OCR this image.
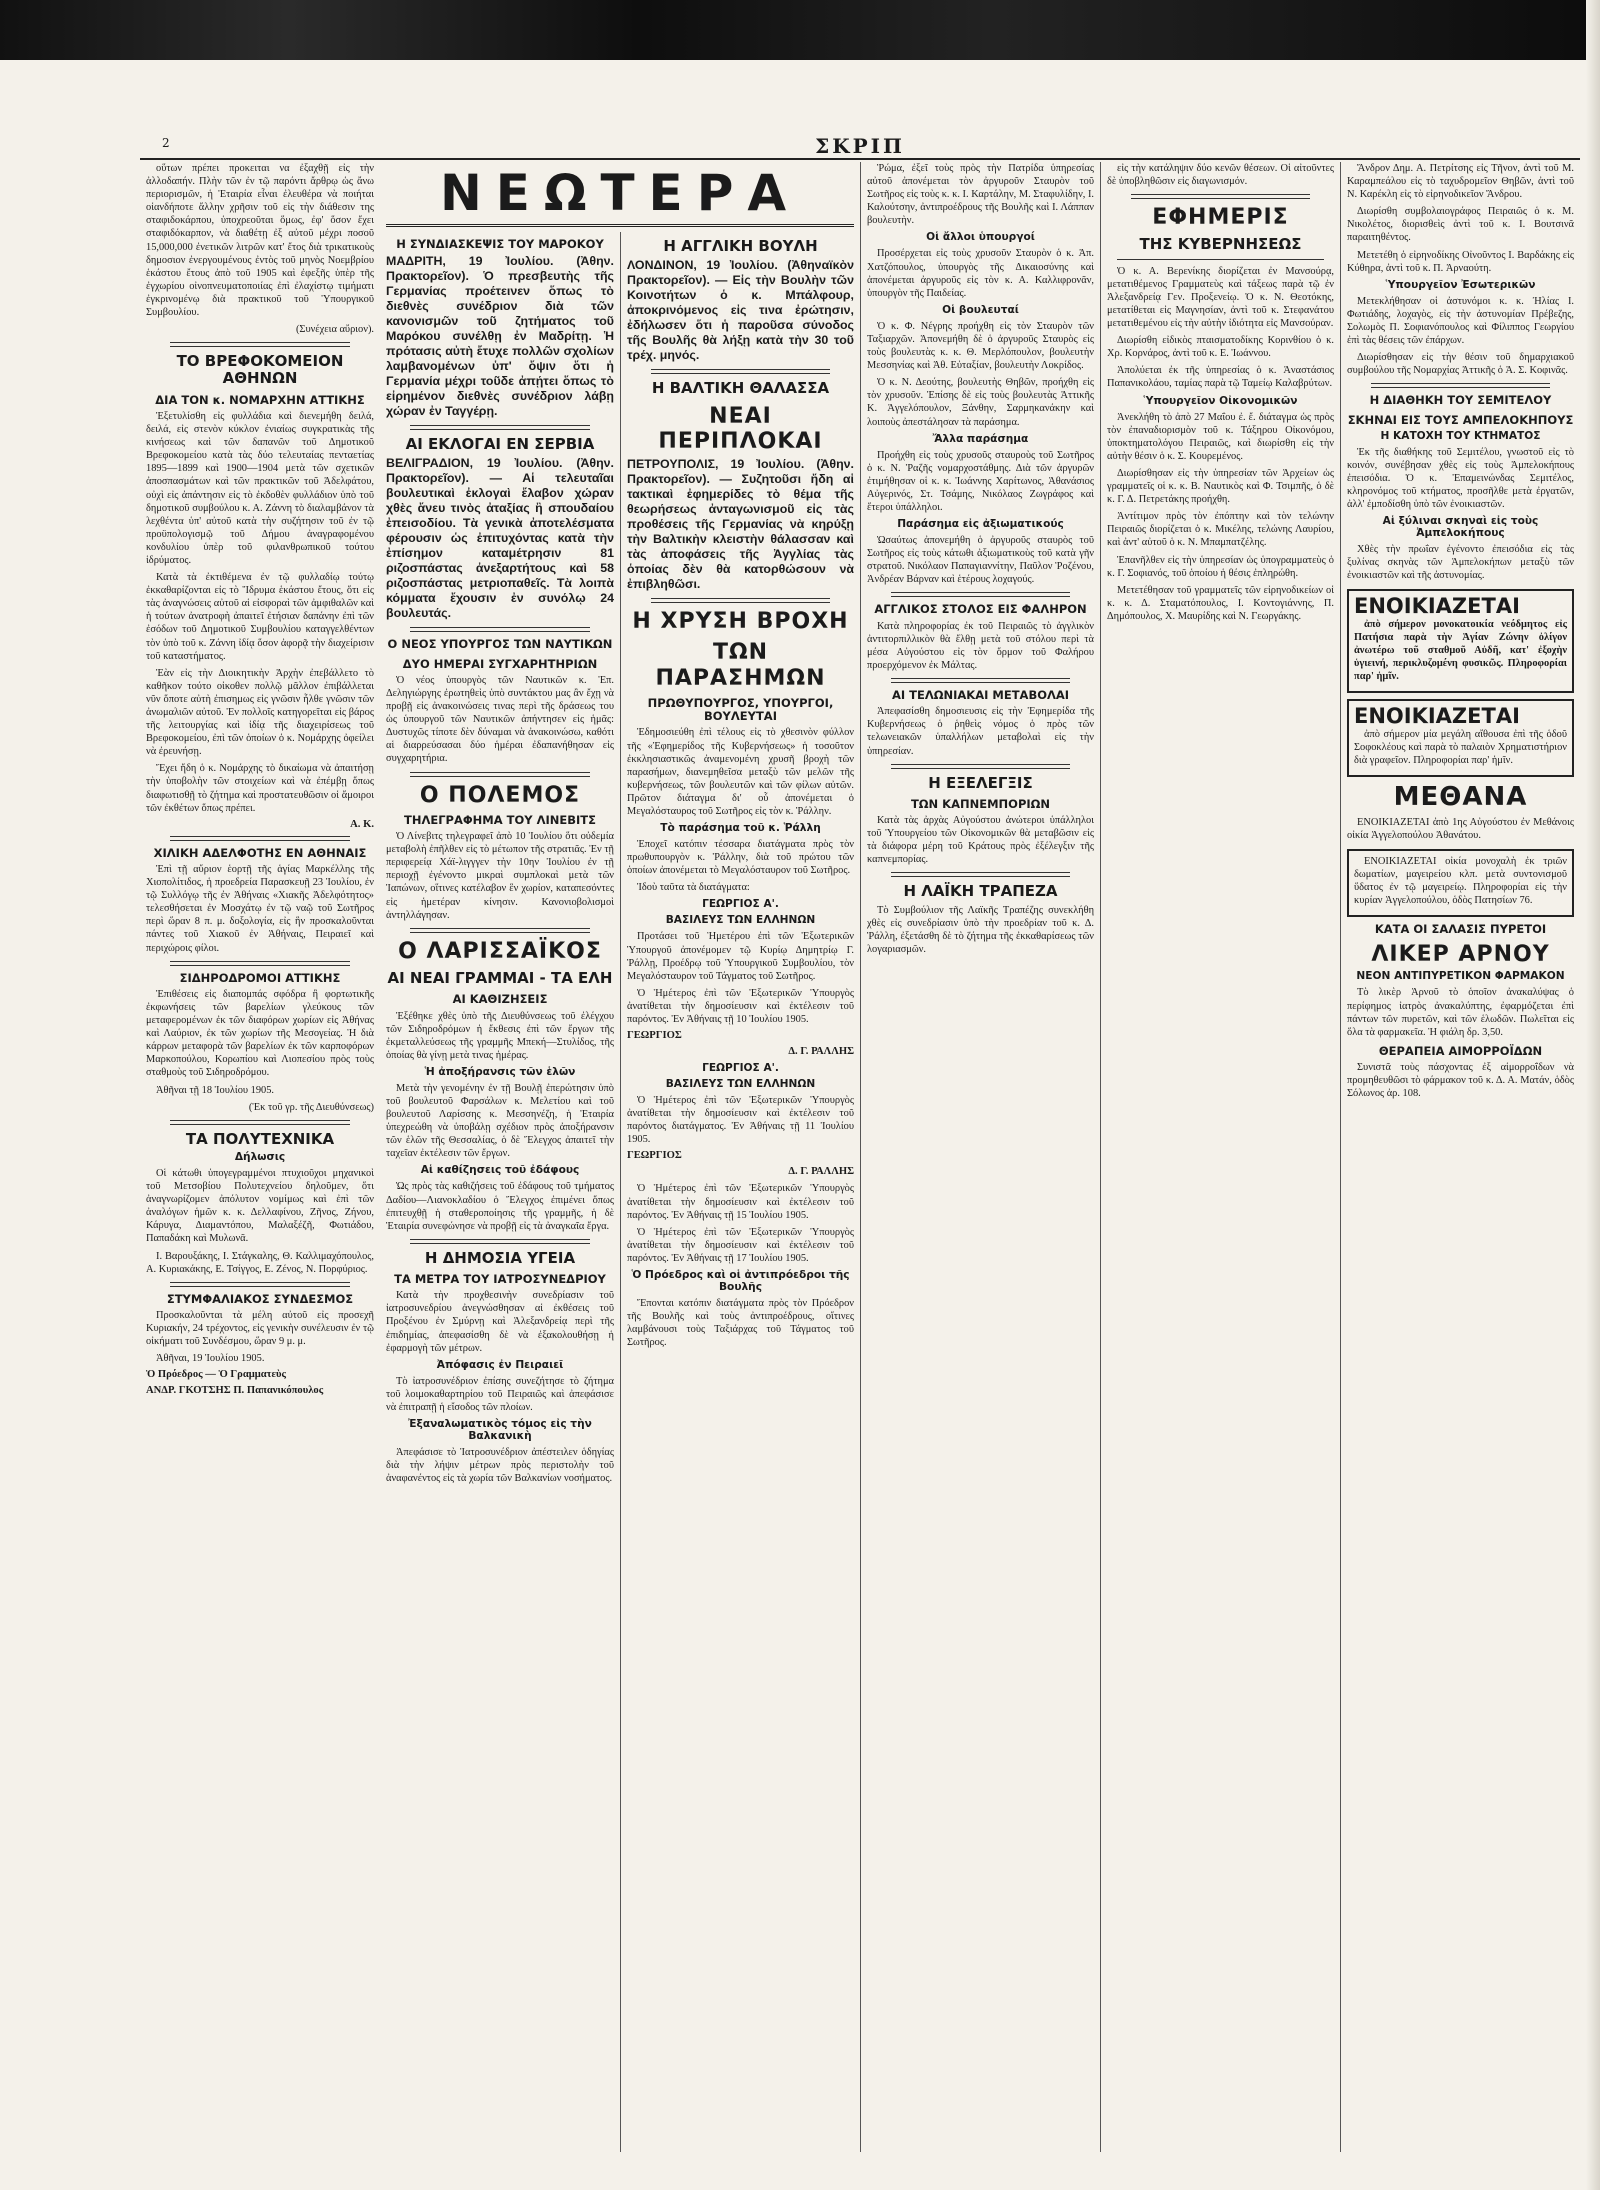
2	ΣΚΡΙΠ

οὕτων πρέπει προκειται να ἐξαχθῇ εἰς τὴν ἀλλοδαπήν. Πλὴν τῶν ἐν τῷ παρόντι ἄρθρῳ ὡς ἄνω περιορισμῶν, ἡ Ἑταιρία εἶναι ἐλευθέρα νὰ ποιήται οἱανδήποτε ἄλλην χρῆσιν τοῦ εἰς τὴν διάθεσιν της σταφιδοκάρπου, ὑποχρεοῦται ὅμως, ἐφ' ὅσον ἔχει σταφιδόκαρπον, νὰ διαθέτῃ ἐξ αὐτοῦ μέχρι ποσοῦ 15,000,000 ἐνετικῶν λιτρῶν κατ' ἔτος διὰ τρικατικοὺς δημοσιον ἐνεργουμένους ἐντὸς τοῦ μηνὸς Νοεμβρίου ἑκάστου ἔτους ἀπὸ τοῦ 1905 καὶ ἐφεξῆς ὑπὲρ τῆς ἐγχωρίου οἰνοπνευματοποιίας ἐπὶ ἐλαχίστῳ τιμήματι ἐγκρινομένῳ διὰ πρακτικοῦ τοῦ Ὑπουργικοῦ Συμβουλίου.

(Συνέχεια αὔριον).

ΤΟ ΒΡΕΦΟΚΟΜΕΙΟΝ ΑΘΗΝΩΝ
ΔΙΑ ΤΟΝ κ. ΝΟΜΑΡΧΗΝ ΑΤΤΙΚΗΣ

Ἐξετυλίσθη εἰς φυλλάδια καὶ διενεμήθη δειλά, δειλά, εἰς στενὸν κύκλον ἐνιαίως συγκρατικὰς τῆς κινήσεως καὶ τῶν δαπανῶν τοῦ Δημοτικοῦ Βρεφοκομείου κατὰ τὰς δύο τελευταίας πενταετίας 1895—1899 καὶ 1900—1904 μετὰ τῶν σχετικῶν ἀποσπασμάτων καὶ τῶν πρακτικῶν τοῦ Ἀδελφάτου, οὐχὶ εἰς ἀπάντησιν εἰς τὸ ἐκδοθὲν φυλλάδιον ὑπὸ τοῦ δημοτικοῦ συμβούλου κ. Α. Ζάννη τὸ διαλαμβάνον τὰ λεχθέντα ὑπ' αὐτοῦ κατὰ τὴν συζήτησιν τοῦ ἐν τῷ προϋπολογισμῷ τοῦ Δήμου ἀναγραφομένου κονδυλίου ὑπὲρ τοῦ φιλανθρωπικοῦ τούτου ἱδρύματος.

Κατὰ τὰ ἐκτιθέμενα ἐν τῷ φυλλαδίῳ τούτῳ ἐκκαθαρίζονται εἰς τὸ Ἵδρυμα ἑκάστου ἔτους, ὅτι εἰς τὰς ἀναγνώσεις αὐτοῦ αἱ εἰσφοραὶ τῶν ἀμφιθαλῶν καὶ ἡ τούτων ἀνατροφὴ ἀπαιτεῖ ἐτήσιαν δαπάνην ἐπὶ τῶν ἐσόδων τοῦ Δημοτικοῦ Συμβουλίου καταγγελθέντων τὸν ὑπὸ τοῦ κ. Ζάννη ἰδίᾳ ὅσον ἀφορᾷ τὴν διαχείρισιν τοῦ καταστήματος.

Ἐὰν εἰς τὴν Διοικητικὴν Ἀρχὴν ἐπεβάλλετο τὸ καθῆκον τούτο οἰκοθεν πολλῷ μᾶλλον ἐπιβάλλεται νῦν ὅποτε αὐτὴ ἐπισημως εἰς γνῶσιν ἦλθε γνῶσιν τῶν ἀνωμαλιῶν αὐτοῦ. Ἐν πολλοῖς κατηγορεῖται εἰς βάρος τῆς λειτουργίας καὶ ἰδίᾳ τῆς διαχειρίσεως τοῦ Βρεφοκομείου, ἐπὶ τῶν ὁποίων ὁ κ. Νομάρχης ὀφείλει νὰ ἐρευνήσῃ.

Ἔχει ἤδη ὁ κ. Νομάρχης τὸ δικαίωμα νὰ ἀπαιτήσῃ τὴν ὑποβολὴν τῶν στοιχείων καὶ νὰ ἐπέμβῃ ὅπως διαφωτισθῇ τὸ ζήτημα καὶ προστατευθῶσιν οἱ ἄμοιροι τῶν ἐκθέτων ὅπως πρέπει.

Α. Κ.
ΧΙΛΙΚΗ ΑΔΕΛΦΟΤΗΣ ΕΝ ΑΘΗΝΑΙΣ

Ἐπὶ τῇ αὔριον ἑορτῇ τῆς ἁγίας Μαρκέλλης τῆς Χιοπολίτιδος, ἡ προεδρεία Παρασκευῇ 23 Ἰουλίου, ἐν τῷ Συλλόγῳ τῆς ἐν Ἀθήναις «Χιακῆς Ἀδελφότητος» τελεσθήσεται ἐν Μοσχάτῳ ἐν τῷ ναῷ τοῦ Σωτῆρος περὶ ὥραν 8 π. μ. δοξολογία, εἰς ἣν προσκαλοῦνται πάντες τοῦ Χιακοῦ ἐν Ἀθήναις, Πειραιεῖ καὶ περιχώροις φίλοι.

ΣΙΔΗΡΟΔΡΟΜΟΙ ΑΤΤΙΚΗΣ

Ἐπιθέσεις εἰς διαπομπάς σφόδρα ἢ φορτωτικῆς ἐκφωνήσεις τῶν βαρελίων γλεύκους τῶν μεταφερομένων ἐκ τῶν διαφόρων χωρίων εἰς Ἀθήνας καὶ Λαύριον, ἐκ τῶν χωρίων τῆς Μεσογείας. Ἡ διὰ κάρρων μεταφορὰ τῶν βαρελίων ἐκ τῶν καρποφόρων Μαρκοπούλου, Κορωπίου καὶ Λιοπεσίου πρὸς τοὺς σταθμοὺς τοῦ Σιδηροδρόμου.

Ἀθῆναι τῇ 18 Ἰουλίου 1905.

(Ἐκ τοῦ γρ. τῆς Διευθύνσεως)

ΤΑ ΠΟΛΥΤΕΧΝΙΚΑ
Δήλωσις

Οἱ κάτωθι ὑπογεγραμμένοι πτυχιοῦχοι μηχανικοὶ τοῦ Μετσοβίου Πολυτεχνείου δηλοῦμεν, ὅτι ἀναγνωρίζομεν ἀπόλυτον νομίμως καὶ ἐπὶ τῶν ἀναλόγων ἡμῶν κ. κ. Δελλαφίνου, Ζῆνος, Ζήνου, Κάρυγα, Διαμαντόπου, Μαλαξέζῆ, Φωτιάδου, Παπαδάκη καὶ Μυλωνᾶ.

Ι. Βαρουξάκης, Ι. Στάγκαλης, Θ. Καλλιμαχόπουλος, Α. Κυριακάκης, Ε. Τσίγγος, Ε. Ζένος, Ν. Πορφύριος.

ΣΤΥΜΦΑΛΙΑΚΟΣ ΣΥΝΔΕΣΜΟΣ

Προσκαλοῦνται τὰ μέλη αὐτοῦ εἰς προσεχῆ Κυριακήν, 24 τρέχοντος, εἰς γενικὴν συνέλευσιν ἐν τῷ οἰκήματι τοῦ Συνδέσμου, ὥραν 9 μ. μ.

Ἀθῆναι, 19 Ἰουλίου 1905.

Ὁ Πρόεδρος — Ὁ Γραμματεὺς
ΑΝΔΡ. ΓΚΟΤΣΗΣ Π. Παπανικόπουλος
ΝΕΩΤΕΡΑ
Η ΣΥΝΔΙΑΣΚΕΨΙΣ ΤΟΥ ΜΑΡΟΚΟΥ

ΜΑΔΡΙΤΗ, 19 Ἰουλίου. (Ἀθην. Πρακτορεῖον). Ὁ πρεσβευτὴς τῆς Γερμανίας προέτεινεν ὅπως τὸ διεθνὲς συνέδριον διὰ τῶν κανονισμῶν τοῦ ζητήματος τοῦ Μαρόκου συνέλθῃ ἐν Μαδρίτῃ. Ἡ πρότασις αὐτὴ ἔτυχε πολλῶν σχολίων λαμβανομένων ὑπ' ὄψιν ὅτι ἡ Γερμανία μέχρι τοῦδε ἀπῄτει ὅπως τὸ εἰρημένον διεθνὲς συνέδριον λάβῃ χώραν ἐν Ταγγέρῃ.

ΑΙ ΕΚΛΟΓΑΙ ΕΝ ΣΕΡΒΙΑ

ΒΕΛΙΓΡΑΔΙΟΝ, 19 Ἰουλίου. (Ἀθην. Πρακτορεῖον). — Αἱ τελευταῖαι βουλευτικαὶ ἐκλογαὶ ἔλαβον χώραν χθὲς ἄνευ τινὸς ἀταξίας ἢ σπουδαίου ἐπεισοδίου. Τὰ γενικὰ ἀποτελέσματα φέρουσιν ὡς ἐπιτυχόντας κατὰ τὴν ἐπίσημον καταμέτρησιν 81 ριζοσπάστας ἀνεξαρτήτους καὶ 58 ριζοσπάστας μετριοπαθεῖς. Τὰ λοιπὰ κόμματα ἔχουσιν ἐν συνόλῳ 24 βουλευτάς.

Ο ΝΕΟΣ ΥΠΟΥΡΓΟΣ ΤΩΝ ΝΑΥΤΙΚΩΝ
ΔΥΟ ΗΜΕΡΑΙ ΣΥΓΧΑΡΗΤΗΡΙΩΝ

Ὁ νέος ὑπουργὸς τῶν Ναυτικῶν κ. Ἐπ. Δεληγιώργης ἐρωτηθεὶς ὑπὸ συντάκτου μας ἂν ἔχῃ νὰ προβῇ εἰς ἀνακοινώσεις τινας περὶ τῆς δράσεως του ὡς ὑπουργοῦ τῶν Ναυτικῶν ἀπήντησεν εἰς ἡμᾶς: Δυστυχῶς τίποτε δὲν δύναμαι νὰ ἀνακοινώσω, καθότι αἱ διαρρεύσασαι δύο ἡμέραι ἐδαπανήθησαν εἰς συγχαρητήρια.

Ο ΠΟΛΕΜΟΣ
ΤΗΛΕΓΡΑΦΗΜΑ ΤΟΥ ΛΙΝΕΒΙΤΣ

Ὁ Λίνεβιτς τηλεγραφεῖ ἀπὸ 10 Ἰουλίου ὅτι οὐδεμία μεταβολὴ ἐπῆλθεν εἰς τὸ μέτωπον τῆς στρατιᾶς. Ἐν τῇ περιφερείᾳ Χάϊ-λιγγγεν τὴν 10ην Ἰουλίου ἐν τῇ περιοχῇ ἐγένοντο μικραὶ συμπλοκαὶ μετὰ τῶν Ἰαπώνων, οἵτινες κατέλαβον ἓν χωρίον, καταπεσόντες εἰς ἡμετέραν κίνησιν. Κανονιοβολισμοὶ ἀντηλλάγησαν.

Ο ΛΑΡΙΣΣΑΪΚΟΣ
ΑΙ ΝΕΑΙ ΓΡΑΜΜΑΙ - ΤΑ ΕΛΗ
ΑΙ ΚΑΘΙΖΗΣΕΙΣ

Ἐξέθηκε χθὲς ὑπὸ τῆς Διευθύνσεως τοῦ ἐλέγχου τῶν Σιδηροδρόμων ἡ ἔκθεσις ἐπὶ τῶν ἔργων τῆς ἐκμεταλλεύσεως τῆς γραμμῆς Μπεκή—Στυλίδος, τῆς ὁποίας θὰ γίνῃ μετὰ τινας ἡμέρας.

Ἡ ἀποξήρανσις τῶν ἑλῶν

Μετὰ τὴν γενομένην ἐν τῇ Βουλῇ ἐπερώτησιν ὑπὸ τοῦ βουλευτοῦ Φαρσάλων κ. Μελετίου καὶ τοῦ βουλευτοῦ Λαρίσσης κ. Μεσσηνέζη, ἡ Ἑταιρία ὑπεχρεώθη νὰ ὑποβάλῃ σχέδιον πρὸς ἀποξήρανσιν τῶν ἑλῶν τῆς Θεσσαλίας, ὁ δὲ Ἔλεγχος ἀπαιτεῖ τὴν ταχεῖαν ἐκτέλεσιν τῶν ἔργων.

Αἱ καθίζησεις τοῦ ἐδάφους

Ὡς πρὸς τὰς καθιζήσεις τοῦ ἐδάφους τοῦ τμήματος Δαδίου—Λιανοκλαδίου ὁ Ἔλεγχος ἐπιμένει ὅπως ἐπιτευχθῇ ἡ σταθεροποίησις τῆς γραμμῆς, ἡ δὲ Ἑταιρία συνεφώνησε νὰ προβῇ εἰς τὰ ἀναγκαῖα ἔργα.

Η ΔΗΜΟΣΙΑ ΥΓΕΙΑ
ΤΑ ΜΕΤΡΑ ΤΟΥ ΙΑΤΡΟΣΥΝΕΔΡΙΟΥ

Κατὰ τὴν προχθεσινὴν συνεδρίασιν τοῦ ἰατροσυνεδρίου ἀνεγνώσθησαν αἱ ἐκθέσεις τοῦ Προξένου ἐν Σμύρνῃ καὶ Ἀλεξανδρείᾳ περὶ τῆς ἐπιδημίας, ἀπεφασίσθη δὲ νὰ ἐξακολουθήσῃ ἡ ἐφαρμογὴ τῶν μέτρων.

Ἀπόφασις ἐν Πειραιεῖ

Τὸ ἰατροσυνέδριον ἐπίσης συνεζήτησε τὸ ζήτημα τοῦ λοιμοκαθαρτηρίου τοῦ Πειραιῶς καὶ ἀπεφάσισε νὰ ἐπιτραπῇ ἡ εἴσοδος τῶν πλοίων.

Ἐξαναλωματικὸς τόμος εἰς τὴν Βαλκανικὴ

Ἀπεφάσισε τὸ Ἰατροσυνέδριον ἀπέστειλεν ὁδηγίας διὰ τὴν λήψιν μέτρων πρὸς περιστολὴν τοῦ ἀναφανέντος εἰς τὰ χωρία τῶν Βαλκανίων νοσήματος.

Η ΑΓΓΛΙΚΗ ΒΟΥΛΗ

ΛΟΝΔΙΝΟΝ, 19 Ἰουλίου. (Ἀθηναϊκὸν Πρακτορεῖον). — Εἰς τὴν Βουλὴν τῶν Κοινοτήτων ὁ κ. Μπάλφουρ, ἀποκρινόμενος εἰς τινα ἐρώτησιν, ἐδήλωσεν ὅτι ἡ παροῦσα σύνοδος τῆς Βουλῆς θὰ λήξῃ κατὰ τὴν 30 τοῦ τρέχ. μηνός.

Η ΒΑΛΤΙΚΗ ΘΑΛΑΣΣΑ
ΝΕΑΙ ΠΕΡΙΠΛΟΚΑΙ

ΠΕΤΡΟΥΠΟΛΙΣ, 19 Ἰουλίου. (Ἀθην. Πρακτορεῖον). — Συζητοῦσι ἤδη αἱ τακτικαὶ ἐφημερίδες τὸ θέμα τῆς θεωρήσεως ἀνταγωνισμοῦ εἰς τὰς προθέσεις τῆς Γερμανίας νὰ κηρύξῃ τὴν Βαλτικὴν κλειστὴν θάλασσαν καὶ τὰς ἀποφάσεις τῆς Ἀγγλίας τὰς ὁποίας δὲν θὰ κατορθώσουν νὰ ἐπιβληθῶσι.

Η ΧΡΥΣΗ ΒΡΟΧΗ
ΤΩΝ ΠΑΡΑΣΗΜΩΝ
ΠΡΩΘΥΠΟΥΡΓΟΣ, ΥΠΟΥΡΓΟΙ, ΒΟΥΛΕΥΤΑΙ

Ἐδημοσιεύθη ἐπὶ τέλους εἰς τὸ χθεσινὸν φύλλον τῆς «Ἐφημερίδος τῆς Κυβερνήσεως» ἡ τοσοῦτον ἐκκλησιαστικῶς ἀναμενομένη χρυσῆ βροχὴ τῶν παρασήμων, διανεμηθεῖσα μεταξὺ τῶν μελῶν τῆς κυβερνήσεως, τῶν βουλευτῶν καὶ τῶν φίλων αὐτῶν. Πρῶτον διάταγμα δι' οὗ ἀπονέμεται ὁ Μεγαλόσταυρος τοῦ Σωτῆρος εἰς τὸν κ. Ῥάλλην.

Τὸ παράσημα τοῦ κ. Ῥάλλη

Ἐποχεῖ κατόπιν τέσσαρα διατάγματα πρὸς τὸν πρωθυπουργὸν κ. Ῥάλλην, διὰ τοῦ πρώτου τῶν ὁποίων ἀπονέμεται τὸ Μεγαλόσταυρον τοῦ Σωτῆρος.

Ἰδοὺ ταῦτα τὰ διατάγματα:

ΓΕΩΡΓΙΟΣ Α'.
ΒΑΣΙΛΕΥΣ ΤΩΝ ΕΛΛΗΝΩΝ

Προτάσει τοῦ Ἡμετέρου ἐπὶ τῶν Ἐξωτερικῶν Ὑπουργοῦ ἀπονέμομεν τῷ Κυρίῳ Δημητρίῳ Γ. Ῥάλλῃ, Προέδρῳ τοῦ Ὑπουργικοῦ Συμβουλίου, τὸν Μεγαλόσταυρον τοῦ Τάγματος τοῦ Σωτῆρος.

Ὁ Ἡμέτερος ἐπὶ τῶν Ἐξωτερικῶν Ὑπουργὸς ἀνατίθεται τὴν δημοσίευσιν καὶ ἐκτέλεσιν τοῦ παρόντος. Ἐν Ἀθήναις τῇ 10 Ἰουλίου 1905.

ΓΕΩΡΓΙΟΣ
Δ. Γ. ΡΑΛΛΗΣ
ΓΕΩΡΓΙΟΣ Α'.
ΒΑΣΙΛΕΥΣ ΤΩΝ ΕΛΛΗΝΩΝ

Ὁ Ἡμέτερος ἐπὶ τῶν Ἐξωτερικῶν Ὑπουργὸς ἀνατίθεται τὴν δημοσίευσιν καὶ ἐκτέλεσιν τοῦ παρόντος διατάγματος. Ἐν Ἀθήναις τῇ 11 Ἰουλίου 1905.

ΓΕΩΡΓΙΟΣ
Δ. Γ. ΡΑΛΛΗΣ

Ὁ Ἡμέτερος ἐπὶ τῶν Ἐξωτερικῶν Ὑπουργὸς ἀνατίθεται τὴν δημοσίευσιν καὶ ἐκτέλεσιν τοῦ παρόντος. Ἐν Ἀθήναις τῇ 15 Ἰουλίου 1905.

Ὁ Ἡμέτερος ἐπὶ τῶν Ἐξωτερικῶν Ὑπουργὸς ἀνατίθεται τὴν δημοσίευσιν καὶ ἐκτέλεσιν τοῦ παρόντος. Ἐν Ἀθήναις τῇ 17 Ἰουλίου 1905.

Ὁ Πρόεδρος καὶ οἱ ἀντιπρόεδροι τῆς Βουλῆς

Ἔπονται κατόπιν διατάγματα πρὸς τὸν Πρόεδρον τῆς Βουλῆς καὶ τοὺς ἀντιπροέδρους, οἵτινες λαμβάνουσι τοὺς Ταξιάρχας τοῦ Τάγματος τοῦ Σωτῆρος.

Ῥώμα, ἐξεῖ τοὺς πρὸς τὴν Πατρίδα ὑπηρεσίας αὐτοῦ ἀπονέμεται τὸν ἀργυροῦν Σταυρὸν τοῦ Σωτῆρος εἰς τοὺς κ. κ. Ι. Καρτάλην, Μ. Σταφυλίδην, Ι. Καλούτσην, ἀντιπροέδρους τῆς Βουλῆς καὶ Ι. Λάππαν βουλευτὴν.

Οἱ ἄλλοι ὑπουργοί

Προσέρχεται εἰς τοὺς χρυσοῦν Σταυρὸν ὁ κ. Ἀπ. Χατζόπουλος, ὑπουργὸς τῆς Δικαιοσύνης καὶ ἀπονέμεται ἀργυροῦς εἰς τὸν κ. Α. Καλλιφρονᾶν, ὑπουργὸν τῆς Παιδείας.

Οἱ βουλευταί

Ὁ κ. Φ. Νέγρης προήχθη εἰς τὸν Σταυρὸν τῶν Ταξιαρχῶν. Ἀπονεμήθη δὲ ὁ ἀργυροῦς Σταυρὸς εἰς τοὺς βουλευτὰς κ. κ. Θ. Μερλόπουλον, βουλευτὴν Μεσσηνίας καὶ Ἀθ. Εὐταξίαν, βουλευτὴν Λοκρίδος.

Ὁ κ. Ν. Δεούτης, βουλευτὴς Θηβῶν, προήχθη εἰς τὸν χρυσοῦν. Ἐπίσης δὲ εἰς τοὺς βουλευτὰς Ἀττικῆς Κ. Ἀγγελόπουλον, Ξάνθην, Σαρμηκανάκην καὶ λοιποὺς ἀπεστάλησαν τὰ παράσημα.

Ἄλλα παράσημα

Προήχθη εἰς τοὺς χρυσοῦς σταυροὺς τοῦ Σωτῆρος ὁ κ. Ν. Ῥαζῆς νομαρχοστάθμης. Διὰ τῶν ἀργυρῶν ἐτιμήθησαν οἱ κ. κ. Ἰωάννης Χαρίτωνος, Ἀθανάσιος Αὐγερινός, Στ. Τσάμης, Νικόλαος Ζωγράφος καὶ ἕτεροι ὑπάλληλοι.

Παράσημα εἰς ἀξιωματικούς

Ὡσαύτως ἀπονεμήθη ὁ ἀργυροῦς σταυρὸς τοῦ Σωτῆρος εἰς τοὺς κάτωθι ἀξιωματικοὺς τοῦ κατὰ γῆν στρατοῦ. Νικόλαον Παπαγιαννίτην, Παῦλον Ῥοζένου, Ἀνδρέαν Βάρναν καὶ ἑτέρους λοχαγούς.

ΑΓΓΛΙΚΟΣ ΣΤΟΛΟΣ ΕΙΣ ΦΑΛΗΡΟΝ

Κατὰ πληροφορίας ἐκ τοῦ Πειραιῶς τὸ ἀγγλικὸν ἀντιτορπιλλικὸν θὰ ἔλθῃ μετὰ τοῦ στόλου περὶ τὰ μέσα Αὐγούστου εἰς τὸν ὅρμον τοῦ Φαλήρου προερχόμενον ἐκ Μάλτας.

ΑΙ ΤΕΛΩΝΙΑΚΑΙ ΜΕΤΑΒΟΛΑΙ

Ἀπεφασίσθη δημοσιευσις εἰς τὴν Ἐφημερίδα τῆς Κυβερνήσεως ὁ ῥηθεὶς νόμος ὁ πρὸς τῶν τελωνειακῶν ὑπαλλήλων μεταβολαὶ εἰς τὴν ὑπηρεσίαν.

Η ΕΞΕΛΕΓΞΙΣ
ΤΩΝ ΚΑΠΝΕΜΠΟΡΙΩΝ

Κατὰ τὰς ἀρχὰς Αὐγούστου ἀνώτεροι ὑπάλληλοι τοῦ Ὑπουργείου τῶν Οἰκονομικῶν θὰ μεταβῶσιν εἰς τὰ διάφορα μέρη τοῦ Κράτους πρὸς ἐξέλεγξιν τῆς καπνεμπορίας.

Η ΛΑΪΚΗ ΤΡΑΠΕΖΑ

Τὸ Συμβούλιον τῆς Λαϊκῆς Τραπέζης συνεκλήθη χθὲς εἰς συνεδρίασιν ὑπὸ τὴν προεδρίαν τοῦ κ. Δ. Ῥάλλη, ἐξετάσθη δὲ τὸ ζήτημα τῆς ἐκκαθαρίσεως τῶν λογαριασμῶν.

εἰς τὴν κατάληψιν δύο κενῶν θέσεων. Οἱ αἰτοῦντες δὲ ὑποβληθῶσιν εἰς διαγωνισμόν.

ΕΦΗΜΕΡΙΣ
ΤΗΣ ΚΥΒΕΡΝΗΣΕΩΣ

Ὁ κ. Α. Βερενίκης διορίζεται ἐν Μανσούρᾳ, μετατιθέμενος Γραμματεὺς καὶ τάξεως παρὰ τῷ ἐν Ἀλεξανδρείᾳ Γεν. Προξενείῳ. Ὁ κ. Ν. Θεοτόκης, μετατίθεται εἰς Μαγνησίαν, ἀντὶ τοῦ κ. Στεφανάτου μετατιθεμένου εἰς τὴν αὐτὴν ἰδιότητα εἰς Μανσούραν.

Διωρίσθη εἰδικὸς πταισματοδίκης Κορινθίου ὁ κ. Χρ. Κορνάρος, ἀντὶ τοῦ κ. Ε. Ἰωάννου.

Ἀπολύεται ἐκ τῆς ὑπηρεσίας ὁ κ. Ἀναστάσιος Παπανικολάου, ταμίας παρὰ τῷ Ταμείῳ Καλαβρύτων.

Ὑπουργεῖον Οἰκονομικῶν

Ἀνεκλήθη τὸ ἀπὸ 27 Μαΐου ἐ. ἔ. διάταγμα ὡς πρὸς τὸν ἐπαναδιορισμὸν τοῦ κ. Τάξηρου Οἰκονόμου, ὑποκτηματολόγου Πειραιῶς, καὶ διωρίσθη εἰς τὴν αὐτὴν θέσιν ὁ κ. Σ. Κουρεμένος.

Διωρίσθησαν εἰς τὴν ὑπηρεσίαν τῶν Ἀρχείων ὡς γραμματεῖς οἱ κ. κ. Β. Ναυτικὸς καὶ Φ. Τσιμπῆς, ὁ δὲ κ. Γ. Δ. Πετρετάκης προήχθη.

Ἀντίτιμον πρὸς τὸν ἐπόπτην καὶ τὸν τελώνην Πειραιῶς διορίζεται ὁ κ. Μικέλης, τελώνης Λαυρίου, καὶ ἀντ' αὐτοῦ ὁ κ. Ν. Μπαμπατζέλης.

Ἐπανῆλθεν εἰς τὴν ὑπηρεσίαν ὡς ὑπογραμματεὺς ὁ κ. Γ. Σοφιανός, τοῦ ὁποίου ἡ θέσις ἐπληρώθη.

Μετετέθησαν τοῦ γραμματεῖς τῶν εἰρηνοδικείων οἱ κ. κ. Δ. Σταματόπουλος, Ι. Κοντογιάννης, Π. Δημόπουλος, Χ. Μαυρίδης καὶ Ν. Γεωργάκης.

Ἄνδρον Δημ. Α. Πετρίτσης εἰς Τῆνον, ἀντὶ τοῦ Μ. Καραμπεάλου εἰς τὸ ταχυδρομεῖον Θηβῶν, ἀντὶ τοῦ Ν. Καρέκλη εἰς τὸ εἰρηνοδικεῖον Ἄνδρου.

Διωρίσθη συμβολαιογράφος Πειραιῶς ὁ κ. Μ. Νικολέτος, διορισθεὶς ἀντὶ τοῦ κ. Ι. Βουτσινᾶ παραιτηθέντος.

Μετετέθη ὁ εἰρηνοδίκης Οἰνοῦντος Ι. Βαρδάκης εἰς Κύθηρα, ἀντὶ τοῦ κ. Π. Ἀρναούτη.

Ὑπουργεῖον Ἐσωτερικῶν

Μετεκλήθησαν οἱ ἀστυνόμοι κ. κ. Ἠλίας Ι. Φωτιάδης, λοχαγὸς, εἰς τὴν ἀστυνομίαν Πρέβεζης, Σολωμὸς Π. Σοφιανόπουλος καὶ Φίλιππος Γεωργίου ἐπὶ τὰς θέσεις τῶν ἐπάρχων.

Διωρίσθησαν εἰς τὴν θέσιν τοῦ δημαρχιακοῦ συμβούλου τῆς Νομαρχίας Ἀττικῆς ὁ Ἀ. Σ. Κοφινᾶς.

Η ΔΙΑΘΗΚΗ ΤΟΥ ΣΕΜΙΤΕΛΟΥ
ΣΚΗΝΑΙ ΕΙΣ ΤΟΥΣ ΑΜΠΕΛΟΚΗΠΟΥΣ
Η ΚΑΤΟΧΗ ΤΟΥ ΚΤΗΜΑΤΟΣ

Ἐκ τῆς διαθήκης τοῦ Σεμιτέλου, γνωστοῦ εἰς τὸ κοινόν, συνέβησαν χθὲς εἰς τοὺς Ἀμπελοκήπους ἐπεισόδια. Ὁ κ. Ἐπαμεινώνδας Σεμιτέλος, κληρονόμος τοῦ κτήματος, προσῆλθε μετὰ ἐργατῶν, ἀλλ' ἐμποδίσθη ὑπὸ τῶν ἐνοικιαστῶν.

Αἱ ξύλιναι σκηναὶ εἰς τοὺς Ἀμπελοκήπους

Χθὲς τὴν πρωΐαν ἐγένοντο ἐπεισόδια εἰς τὰς ξυλίνας σκηνὰς τῶν Ἀμπελοκήπων μεταξὺ τῶν ἐνοικιαστῶν καὶ τῆς ἀστυνομίας.

ΕΝΟΙΚΙΑΖΕΤΑΙ

ἀπὸ σήμερον μονοκατοικία νεόδμητος εἰς Πατήσια παρὰ τὴν Ἁγίαν Ζώνην ὀλίγον ἀνωτέρω τοῦ σταθμοῦ Αὐδῆ, κατ' ἐξοχὴν ὑγιεινή, περικλυζομένη φυσικῶς. Πληροφορίαι παρ' ἡμῖν.

ΕΝΟΙΚΙΑΖΕΤΑΙ

ἀπὸ σήμερον μία μεγάλη αἴθουσα ἐπὶ τῆς ὁδοῦ Σοφοκλέους καὶ παρὰ τὸ παλαιὸν Χρηματιστήριον διὰ γραφεῖον. Πληροφορίαι παρ' ἡμῖν.

ΜΕΘΑΝΑ

ΕΝΟΙΚΙΑΖΕΤΑΙ ἀπὸ 1ης Αὐγούστου ἐν Μεθάνοις οἰκία Ἀγγελοπούλου Ἀθανάτου.

ΕΝΟΙΚΙΑΖΕΤΑΙ οἰκία μονοχαλὴ ἐκ τριῶν δωματίων, μαγειρείου κλπ. μετὰ συντονισμοῦ ὕδατος ἐν τῷ μαγειρείῳ. Πληροφορίαι εἰς τὴν κυρίαν Ἀγγελοπούλου, ὁδὸς Πατησίων 76.

ΚΑΤΑ ΟΙ ΣΑΛΑΣΙΣ ΠΥΡΕΤΟΙ
ΛΙΚΕΡ ΑΡΝΟΥ
ΝΕΟΝ ΑΝΤΙΠΥΡΕΤΙΚΟΝ ΦΑΡΜΑΚΟΝ

Τὸ λικὲρ Ἀρνοῦ τὸ ὁποῖον ἀνακαλύψας ὁ περίφημος ἰατρὸς ἀνακαλύπτης, ἐφαρμόζεται ἐπὶ πάντων τῶν πυρετῶν, καὶ τῶν ἑλωδῶν. Πωλεῖται εἰς ὅλα τὰ φαρμακεῖα. Ἡ φιάλη δρ. 3,50.

ΘΕΡΑΠΕΙΑ ΑΙΜΟΡΡΟΪΔΩΝ

Συνιστᾶ τοὺς πάσχοντας ἐξ αἱμορροΐδων νὰ προμηθευθῶσι τὸ φάρμακον τοῦ κ. Δ. Α. Ματάν, ὁδὸς Σόλωνος ἀρ. 108.
